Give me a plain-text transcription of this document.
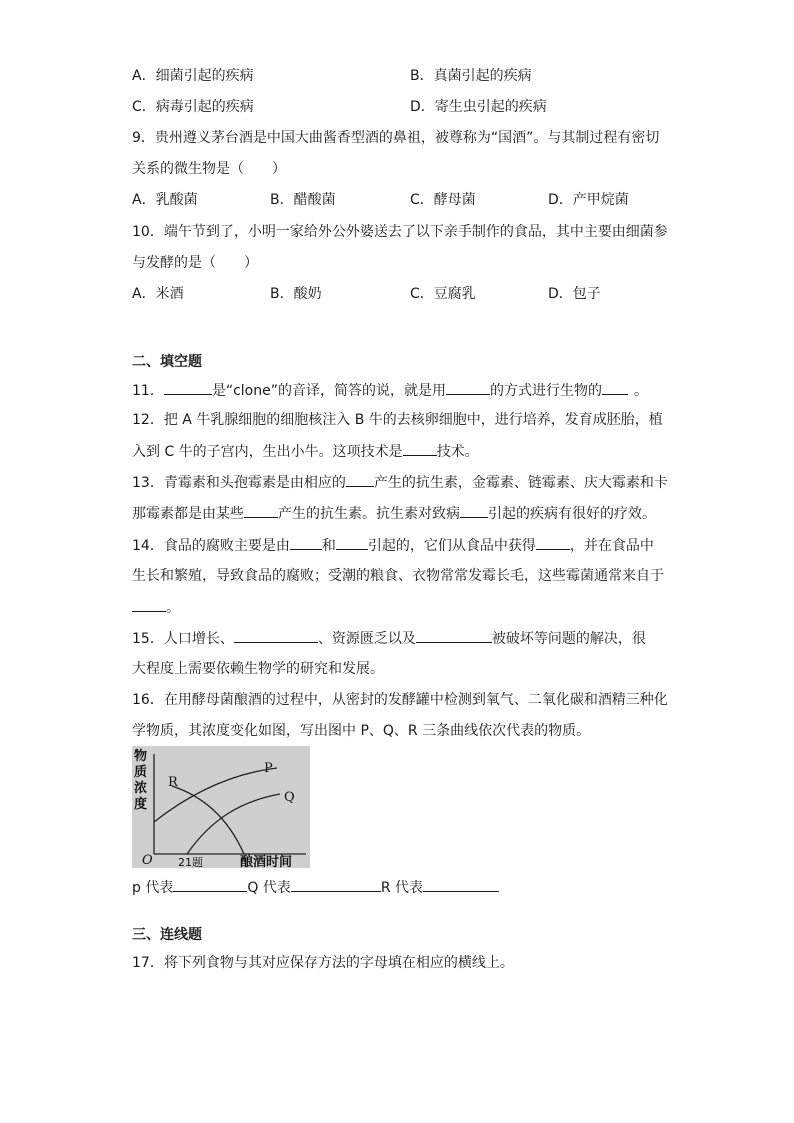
A．细菌引起的疾病	B．真菌引起的疾病
C．病毒引起的疾病	D．寄生虫引起的疾病
9．贵州遵义茅台酒是中国大曲酱香型酒的鼻祖，被尊称为“国酒”。与其制过程有密切
关系的微生物是（　　）
A．乳酸菌	B．醋酸菌	C．酵母菌	D．产甲烷菌
10．端午节到了，小明一家给外公外婆送去了以下亲手制作的食品，其中主要由细菌参
与发酵的是（　　）
A．米酒	B．酸奶	C．豆腐乳	D．包子
二、填空题
11．	是“clone”的音译，简答的说，就是用	的方式进行生物的 。
12．把 A 牛乳腺细胞的细胞核注入 B 牛的去核卵细胞中，进行培养，发育成胚胎，植
入到 C 牛的子宫内，生出小牛。这项技术是 技术。
13．青霉素和头孢霉素是由相应的 产生的抗生素，金霉素、链霉素、庆大霉素和卡
那霉素都是由某些 产生的抗生素。抗生素对致病 引起的疾病有很好的疗效。
14．食品的腐败主要是由 和 引起的，它们从食品中获得 ，并在食品中
生长和繁殖，导致食品的腐败；受潮的粮食、衣物常常发霉长毛，这些霉菌通常来自于
。
15．人口增长、	、资源匮乏以及	被破坏等问题的解决，很
大程度上需要依赖生物学的研究和发展。
16．在用酵母菌酿酒的过程中，从密封的发酵罐中检测到氧气、二氧化碳和酒精三种化
学物质，其浓度变化如图，写出图中 P、Q、R 三条曲线依次代表的物质。
物
质
浓
度
P
Q
R
O 21题	酿酒时间
p 代表	Q 代表	R 代表
三、连线题
17．将下列食物与其对应保存方法的字母填在相应的横线上。
